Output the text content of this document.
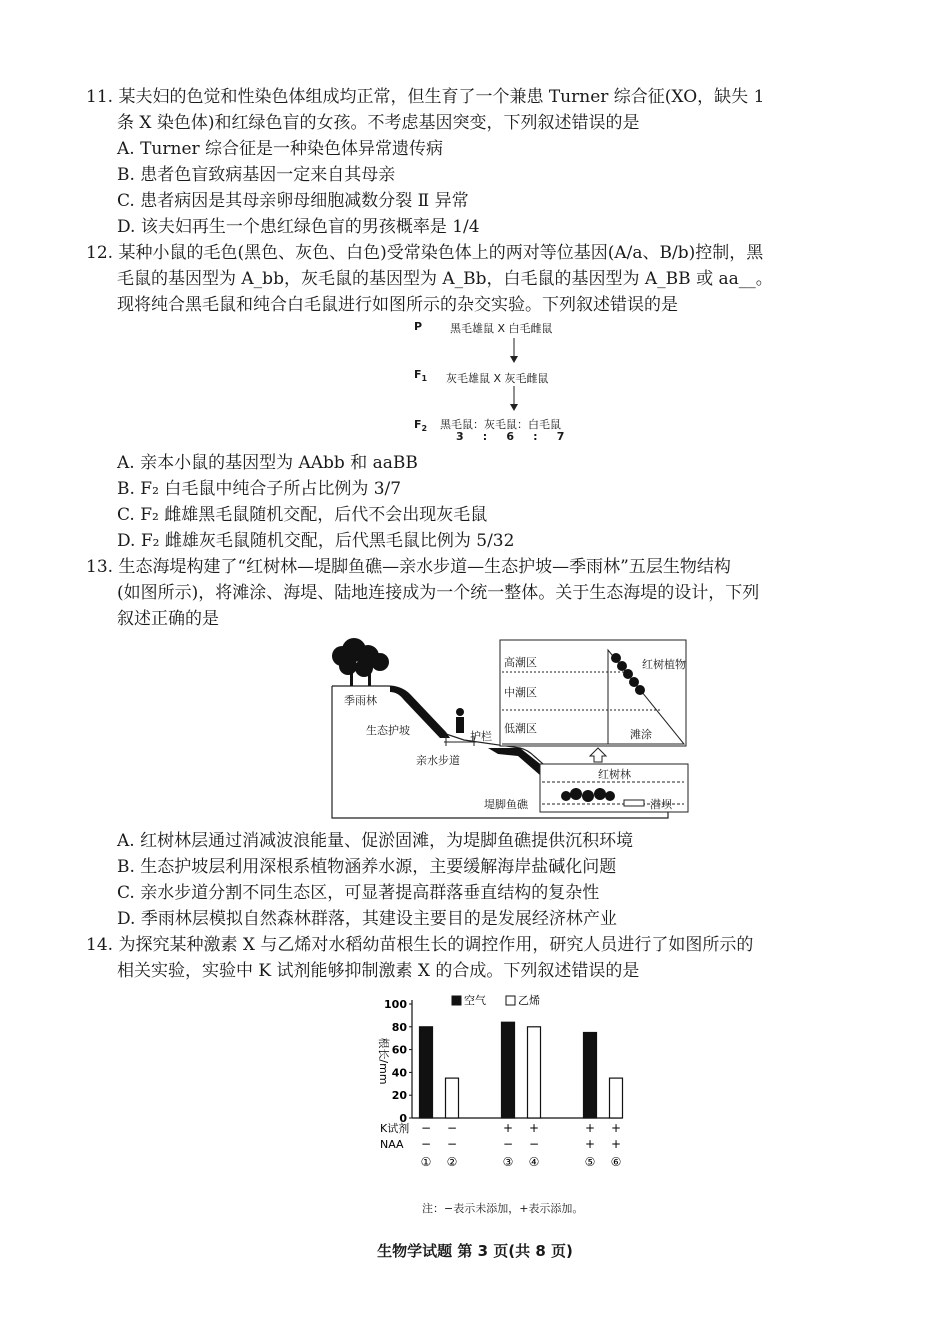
11. 某夫妇的色觉和性染色体组成均正常，但生育了一个兼患 Turner 综合征(XO，缺失 1
条 X 染色体)和红绿色盲的女孩。不考虑基因突变，下列叙述错误的是
A. Turner 综合征是一种染色体异常遗传病
B. 患者色盲致病基因一定来自其母亲
C. 患者病因是其母亲卵母细胞减数分裂 Ⅱ 异常
D. 该夫妇再生一个患红绿色盲的男孩概率是 1/4
12. 某种小鼠的毛色(黑色、灰色、白色)受常染色体上的两对等位基因(A/a、B/b)控制，黑
毛鼠的基因型为 A_bb，灰毛鼠的基因型为 A_Bb，白毛鼠的基因型为 A_BB 或 aa__。
现将纯合黑毛鼠和纯合白毛鼠进行如图所示的杂交实验。下列叙述错误的是
P	黑毛雄鼠 X 白毛雌鼠
$F_1$ 灰毛雄鼠 X 灰毛雌鼠
$F_2$ 黑毛鼠：灰毛鼠：白毛鼠
3     :     6     :     7
A. 亲本小鼠的基因型为 AAbb 和 aaBB
B. F₂ 白毛鼠中纯合子所占比例为 3/7
C. F₂ 雌雄黑毛鼠随机交配，后代不会出现灰毛鼠
D. F₂ 雌雄灰毛鼠随机交配，后代黑毛鼠比例为 5/32
13. 生态海堤构建了“红树林—堤脚鱼礁—亲水步道—生态护坡—季雨林”五层生物结构
(如图所示)，将滩涂、海堤、陆地连接成为一个统一整体。关于生态海堤的设计，下列
叙述正确的是
季雨林
生态护坡	护栏
亲水步道
红树林
堤脚鱼礁	潜坝
高潮区
中潮区
低潮区
红树植物
滩涂
A. 红树林层通过消减波浪能量、促淤固滩，为堤脚鱼礁提供沉积环境
B. 生态护坡层利用深根系植物涵养水源，主要缓解海岸盐碱化问题
C. 亲水步道分割不同生态区，可显著提高群落垂直结构的复杂性
D. 季雨林层模拟自然森林群落，其建设主要目的是发展经济林产业
14. 为探究某种激素 X 与乙烯对水稻幼苗根生长的调控作用，研究人员进行了如图所示的
相关实验，实验中 K 试剂能够抑制激素 X 的合成。下列叙述错误的是
0
20
40
60
80
100
根长/mm
空气	乙烯
K试剂
NAA
−
−
①
−
−
②
+
−
③
+
−
④
+
+
⑤
+
+
⑥
注：−表示未添加，+表示添加。
生物学试题 第 3 页(共 8 页)
